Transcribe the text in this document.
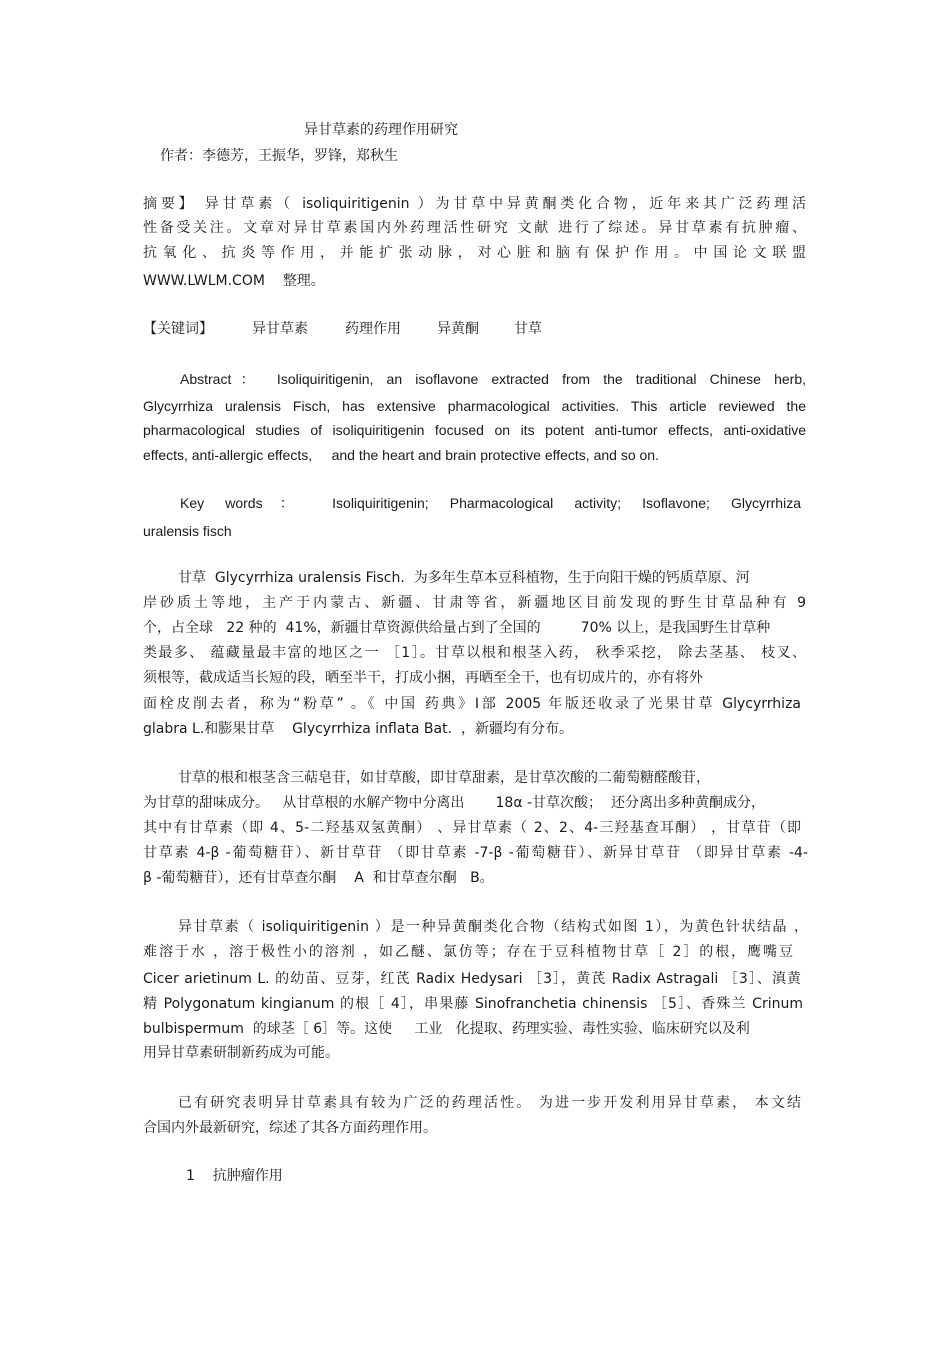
异甘草素的药理作用研究
作者：李德芳，王振华，罗锋，郑秋生
摘要】 异甘草素（ isoliquiritigenin ）为甘草中异黄酮类化合物，近年来其广泛药理活
性备受关注。文章对异甘草素国内外药理活性研究 文献 进行了综述。异甘草素有抗肿瘤、
抗 氧 化 、 抗 炎 等 作 用 ， 并 能 扩 张 动 脉 ， 对 心 脏 和 脑 有 保 护 作 用 。 中 国 论 文 联 盟
WWW.LWLM.COM    整理。
【关键词】	异甘草素	药理作用	异黄酮	甘草
Abstract： Isoliquiritigenin, an isoflavone extracted from the traditional Chinese herb,
Glycyrrhiza uralensis Fisch, has extensive pharmacological activities. This article reviewed the
pharmacological studies of isoliquiritigenin focused on its potent anti-tumor effects, anti-oxidative
effects, anti-allergic effects,     and the heart and brain protective effects, and so on.
Key words： Isoliquiritigenin; Pharmacological activity; Isoflavone; Glycyrrhiza
uralensis fisch
甘草  Glycyrrhiza uralensis Fisch.  为多年生草本豆科植物，生于向阳干燥的钙质草原、河
岸砂质土等地，主产于内蒙古、新疆、甘肃等省，新疆地区目前发现的野生甘草品种有 9
个，占全球   22 种的  41%，新疆甘草资源供给量占到了全国的         70% 以上，是我国野生甘草种
类最多、 蕴藏量最丰富的地区之一 ［1］。甘草以根和根茎入药， 秋季采挖， 除去茎基、 枝叉、
须根等，截成适当长短的段，晒至半干，打成小捆，再晒至全干，也有切成片的，亦有将外
面栓皮削去者，称为“粉草” 。《 中国 药典》Ⅰ部 2005 年版还收录了光果甘草 Glycyrrhiza
glabra L.和膨果甘草    Glycyrrhiza inflata Bat.  ，新疆均有分布。
甘草的根和根茎含三萜皂苷，如甘草酸，即甘草甜素，是甘草次酸的二葡萄糖醛酸苷，
为甘草的甜味成分。   从甘草根的水解产物中分离出       18α -甘草次酸；  还分离出多种黄酮成分，
其中有甘草素（即 4、5-二羟基双氢黄酮） 、异甘草素（ 2、2、4-三羟基查耳酮） ，甘草苷（即
甘草素 4-β -葡萄糖苷）、新甘草苷 （即甘草素 -7-β -葡萄糖苷）、新异甘草苷 （即异甘草素 -4-
β -葡萄糖苷），还有甘草查尔酮    A  和甘草查尔酮   B。
异甘草素（ isoliquiritigenin ）是一种异黄酮类化合物（结构式如图 1），为黄色针状结晶 ，
难溶于水 ，溶于极性小的溶剂 ，如乙醚、氯仿等；存在于豆科植物甘草［ 2］的根，鹰嘴豆
Cicer arietinum L. 的幼苗、豆芽，红芪 Radix Hedysari ［3］，黄芪 Radix Astragali ［3］、滇黄
精 Polygonatum kingianum 的根［ 4］，串果藤 Sinofranchetia chinensis ［5］、香殊兰 Crinum
bulbispermum  的球茎［ 6］等。这使     工业   化提取、药理实验、毒性实验、临床研究以及利
用异甘草素研制新药成为可能。
已有研究表明异甘草素具有较为广泛的药理活性。 为进一步开发利用异甘草素， 本文结
合国内外最新研究，综述了其各方面药理作用。
1    抗肿瘤作用
